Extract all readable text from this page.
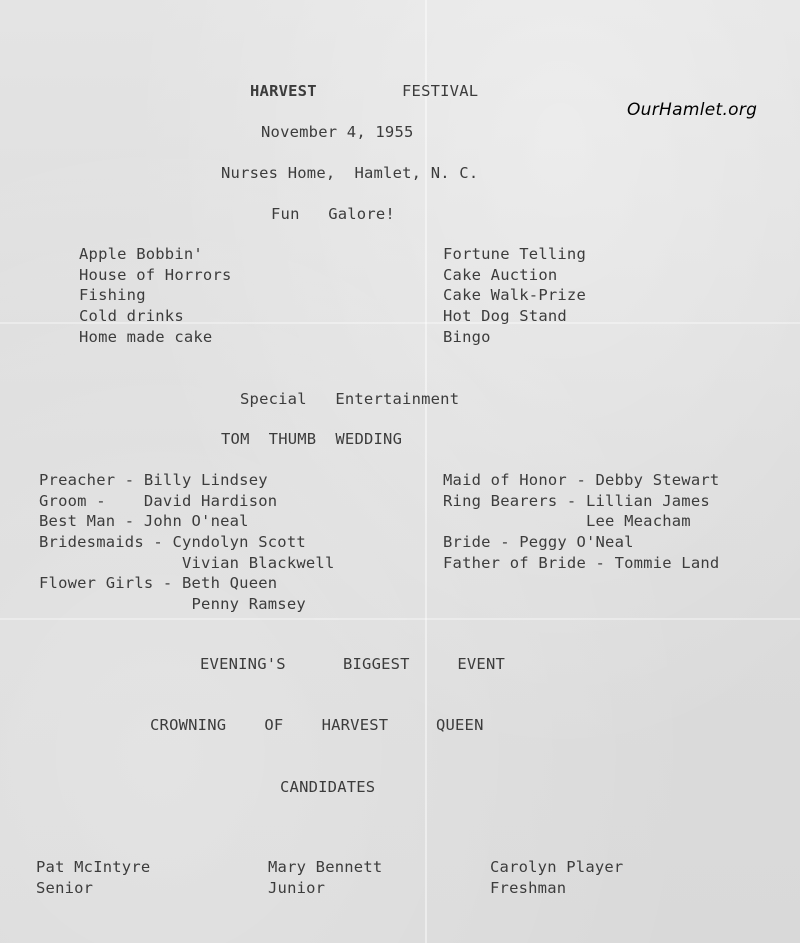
OurHamlet.org
HARVEST	FESTIVAL
November 4, 1955
Nurses Home,  Hamlet, N. C.
Fun   Galore!
Apple Bobbin'
House of Horrors
Fishing
Cold drinks
Home made cake
Fortune Telling
Cake Auction
Cake Walk-Prize
Hot Dog Stand
Bingo
Special   Entertainment
TOM  THUMB  WEDDING
Preacher - Billy Lindsey
Groom -    David Hardison
Best Man - John O'neal
Bridesmaids - Cyndolyn Scott
Vivian Blackwell
Flower Girls - Beth Queen
Penny Ramsey
Maid of Honor - Debby Stewart
Ring Bearers - Lillian James
Lee Meacham
Bride - Peggy O'Neal
Father of Bride - Tommie Land
EVENING'S      BIGGEST     EVENT
CROWNING    OF    HARVEST     QUEEN
CANDIDATES
Pat McIntyre
Senior
Mary Bennett
Junior
Carolyn Player
Freshman
